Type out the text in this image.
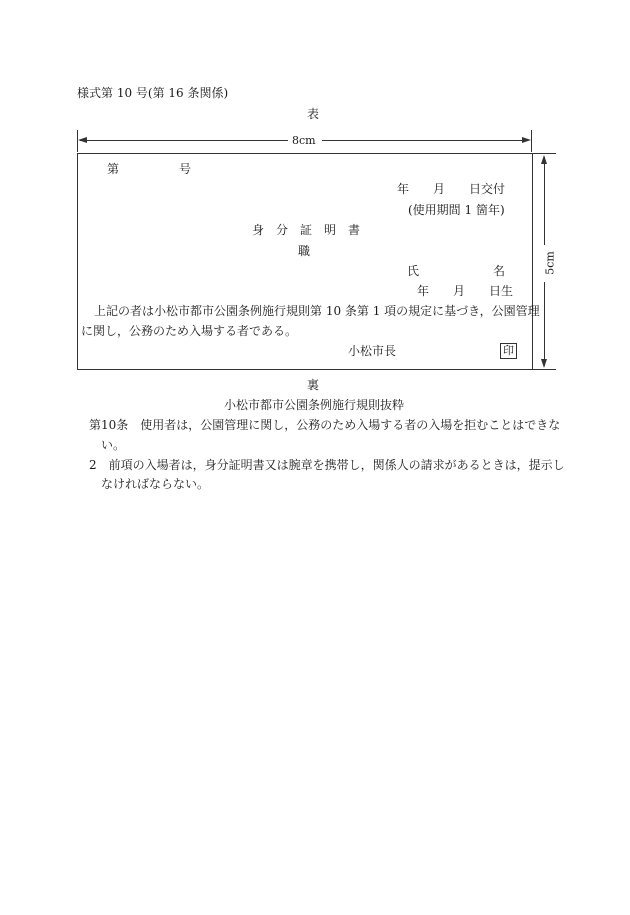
様式第 10 号(第 16 条関係)
表
8cm
5cm
第	号
年　　月　　日交付
(使用期間 1 箇年)
身　分　証　明　書
職
氏	名
年　　月　　日生
上記の者は小松市都市公園条例施行規則第 10 条第 1 項の規定に基づき，公園管理
に関し，公務のため入場する者である。
小松市長	印
裏
小松市都市公園条例施行規則抜粋
第10条　使用者は，公園管理に関し，公務のため入場する者の入場を拒むことはできな
い。
2　前項の入場者は，身分証明書又は腕章を携帯し，関係人の請求があるときは，提示し
なければならない。
